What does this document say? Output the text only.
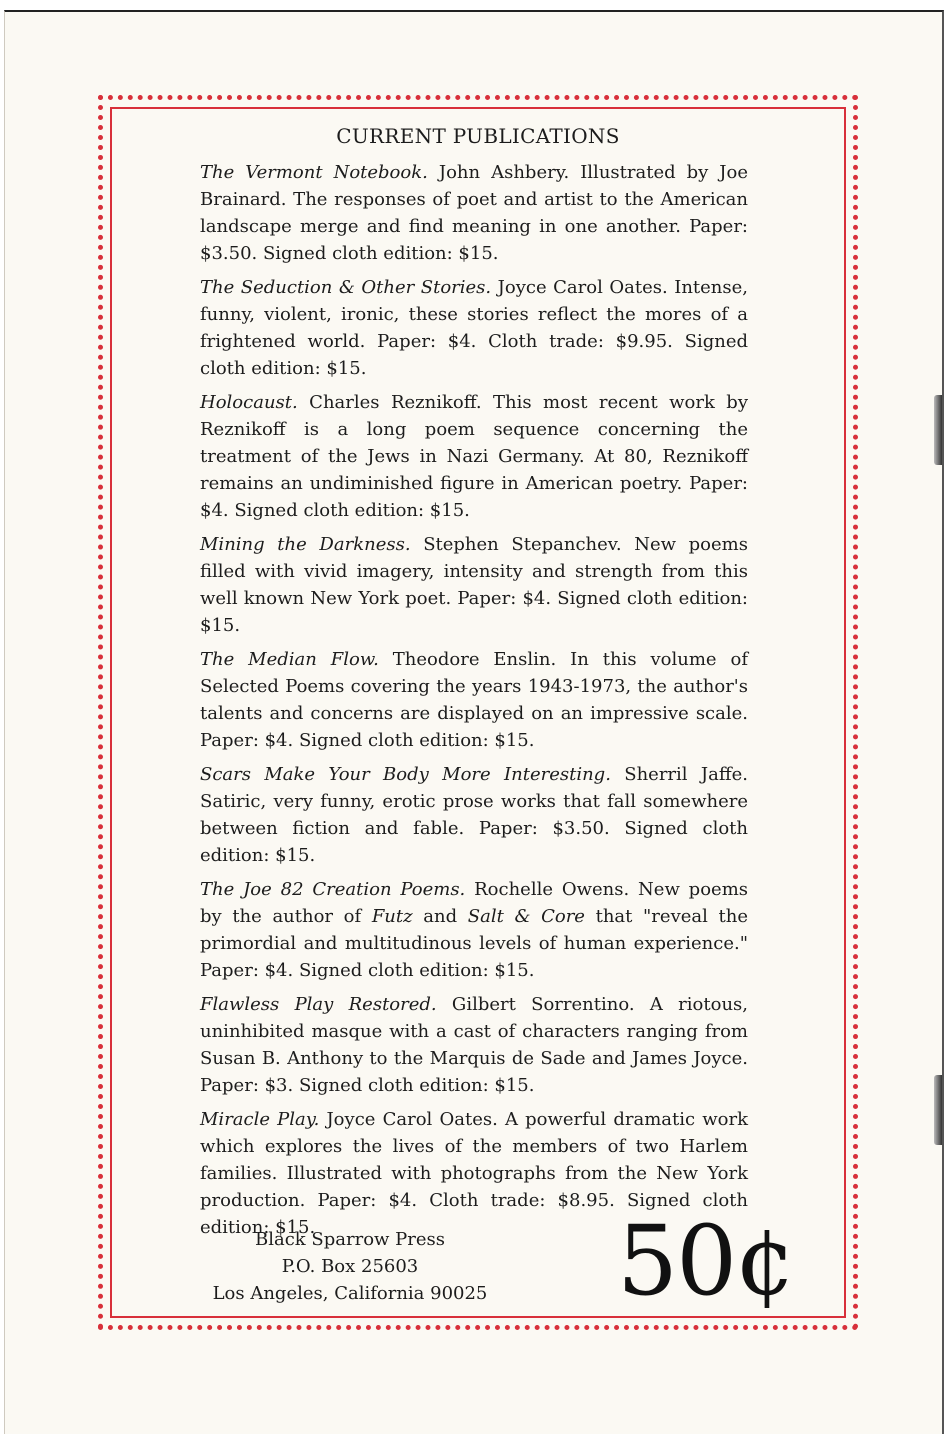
CURRENT PUBLICATIONS

The Vermont Notebook. John Ashbery. Illustrated by Joe Brainard. The responses of poet and artist to the American landscape merge and find meaning in one another. Paper: $3.50. Signed cloth edition: $15.

The Seduction & Other Stories. Joyce Carol Oates. Intense, funny, violent, ironic, these stories reflect the mores of a frightened world. Paper: $4. Cloth trade: $9.95. Signed cloth edition: $15.

Holocaust. Charles Reznikoff. This most recent work by Reznikoff is a long poem sequence concerning the treatment of the Jews in Nazi Germany. At 80, Reznikoff remains an undiminished figure in American poetry. Paper: $4. Signed cloth edition: $15.

Mining the Darkness. Stephen Stepanchev. New poems filled with vivid imagery, intensity and strength from this well known New York poet. Paper: $4. Signed cloth edition: $15.

The Median Flow. Theodore Enslin. In this volume of Selected Poems covering the years 1943-1973, the author's talents and concerns are displayed on an impressive scale. Paper: $4. Signed cloth edition: $15.

Scars Make Your Body More Interesting. Sherril Jaffe. Satiric, very funny, erotic prose works that fall somewhere between fiction and fable. Paper: $3.50. Signed cloth edition: $15.

The Joe 82 Creation Poems. Rochelle Owens. New poems by the author of Futz and Salt & Core that "reveal the primordial and multitudinous levels of human experience." Paper: $4. Signed cloth edition: $15.

Flawless Play Restored. Gilbert Sorrentino. A riotous, uninhibited masque with a cast of characters ranging from Susan B. Anthony to the Marquis de Sade and James Joyce. Paper: $3. Signed cloth edition: $15.

Miracle Play. Joyce Carol Oates. A powerful dramatic work which explores the lives of the members of two Harlem families. Illustrated with photographs from the New York production. Paper: $4. Cloth trade: $8.95. Signed cloth edition: $15.

Black Sparrow Press
P.O. Box 25603
Los Angeles, California 90025 50¢
